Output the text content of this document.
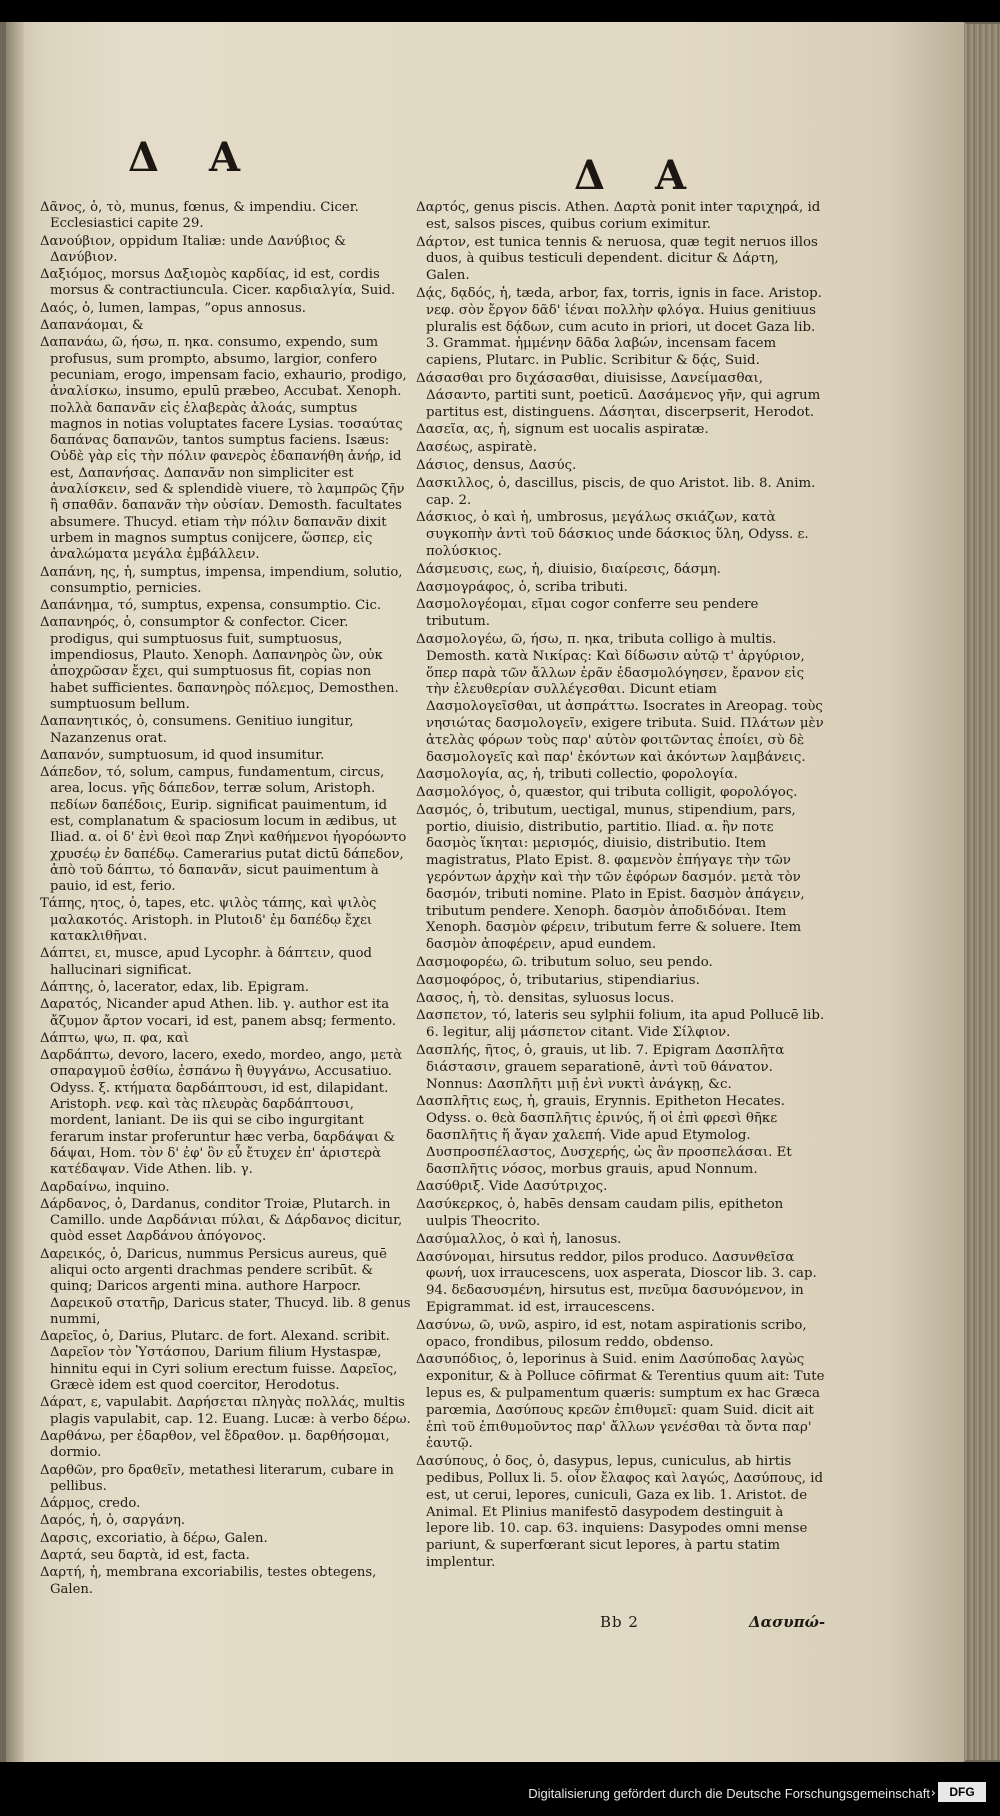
Δ Α	Δ Α
Δᾶνος, ὁ, τὸ, munus, fœnus, & impendiu. Cicer. Ecclesiastici capite 29.
Δανούβιον, oppidum Italiæ: unde Δανύβιος & Δανύβιον.
Δαξιόμος, morsus Δαξιομὸς καρδίας, id est, cordis morsus & contractiuncula. Cicer. καρδιαλγία, Suid.
Δαός, ὁ, lumen, lampas, ”opus annosus.
Δαπανάομαι, &
Δαπανάω, ῶ, ήσω, π. ηκα. consumo, expendo, sum profusus, sum prompto, absumo, largior, confero pecuniam, erogo, impensam facio, exhaurio, prodigo, ἀναλίσκω, insumo, epulū præbeo, Accubat. Xenoph. πολλὰ δαπανᾶν εἰς ἐλαβερὰς ἀλοάς, sumptus magnos in notias voluptates facere Lysias. τοσαύτας δαπάνας δαπανῶν, tantos sumptus faciens. Isæus: Οὐδὲ γὰρ εἰς τὴν πόλιν φανερὸς ἐδαπανήθη ἀνήρ, id est, Δαπανήσας. Δαπανᾶν non simpliciter est ἀναλίσκειν, sed & splendidè viuere, τὸ λαμπρῶς ζῆν ἢ σπαθᾶν. δαπανᾶν τὴν οὐσίαν. Demosth. facultates absumere. Thucyd. etiam τὴν πόλιν δαπανᾶν dixit urbem in magnos sumptus conijcere, ὥσπερ, εἰς ἀναλώματα μεγάλα ἐμβάλλειν.
Δαπάνη, ης, ἡ, sumptus, impensa, impendium, solutio, consumptio, pernicies.
Δαπάνημα, τό, sumptus, expensa, consumptio. Cic.
Δαπανηρός, ὁ, consumptor & confector. Cicer. prodigus, qui sumptuosus fuit, sumptuosus, impendiosus, Plauto. Xenoph. Δαπανηρὸς ὢν, οὐκ ἀποχρῶσαν ἔχει, qui sumptuosus fit, copias non habet sufficientes. δαπανηρὸς πόλεμος, Demosthen. sumptuosum bellum.
Δαπανητικός, ὁ, consumens. Genitiuo iungitur, Nazanzenus orat.
Δαπανόν, sumptuosum, id quod insumitur.
Δάπεδον, τό, solum, campus, fundamentum, circus, area, locus. γῆς δάπεδον, terræ solum, Aristoph. πεδίων δαπέδοις, Eurip. significat pauimentum, id est, complanatum & spaciosum locum in ædibus, ut Iliad. α. οἱ δ' ἐνὶ θεοὶ παρ Ζηνὶ καθήμενοι ἠγορόωντο χρυσέῳ ἐν δαπέδῳ. Camerarius putat dictū δάπεδον, ἀπὸ τοῦ δάπτω, τό δαπανᾶν, sicut pauimentum à pauio, id est, ferio.
Τάπης, ητος, ὁ, tapes, etc. ψιλὸς τάπης, καὶ ψιλὸς μαλακοτός. Aristoph. in Plutoιδ' ἐμ δαπέδῳ ἔχει κατακλιθῆναι.
Δάπτει, ει, musce, apud Lycophr. à δάπτειν, quod hallucinari significat.
Δάπτης, ὁ, lacerator, edax, lib. Epigram.
Δαρατός, Nicander apud Athen. lib. γ. author est ita ἄζυμον ἄρτον vocari, id est, panem absq; fermento.
Δάπτω, ψω, π. φα, καὶ
Δαρδάπτω, devoro, lacero, exedo, mordeo, ango, μετὰ σπαραγμοῦ ἐσθίω, ἐσπάνω ἢ θυγγάνω, Accusatiuo. Odyss. ξ. κτήματα δαρδάπτουσι, id est, dilapidant. Aristoph. νεφ. καὶ τὰς πλευρὰς δαρδάπτουσι, mordent, laniant. De iis qui se cibo ingurgitant ferarum instar proferuntur hæc verba, δαρδάψαι & δάψαι, Hom. τὸν δ' ἐφ' ὃν εὖ ἔτυχεν ἐπ' ἀριστερὰ κατέδαψαν. Vide Athen. lib. γ.
Δαρδαίνω, inquino.
Δάρδανος, ὁ, Dardanus, conditor Troiæ, Plutarch. in Camillo. unde Δαρδάνιαι πύλαι, & Δάρδανος dicitur, quòd esset Δαρδάνου ἀπόγονος.
Δαρεικός, ὁ, Daricus, nummus Persicus aureus, quē aliqui octo argenti drachmas pendere scribūt. & quinq; Daricos argenti mina. authore Harpocr. Δαρεικοῦ στατῆρ, Daricus stater, Thucyd. lib. 8 genus nummi,
Δαρεῖος, ὁ, Darius, Plutarc. de fort. Alexand. scribit. Δαρεῖον τὸν Ὑστάσπου, Darium filium Hystaspæ, hinnitu equi in Cyri solium erectum fuisse. Δαρεῖος, Græcè idem est quod coercitor, Herodotus.
Δάρατ, ε, vapulabit. Δαρήσεται πληγὰς πολλάς, multis plagis vapulabit, cap. 12. Euang. Lucæ: à verbo δέρω.
Δαρθάνω, per ἐδαρθον, vel ἔδραθον. μ. δαρθήσομαι, dormio.
Δαρθῶν, pro δραθεῖν, metathesi literarum, cubare in pellibus.
Δάρμος, credo.
Δαρός, ἡ, ὁ, σαργάνη.
Δαρσις, excoriatio, à δέρω, Galen.
Δαρτά, seu δαρτὰ, id est, facta.
Δαρτή, ἡ, membrana excoriabilis, testes obtegens, Galen.
Δαρτός, genus piscis. Athen. Δαρτὰ ponit inter ταριχηρά, id est, salsos pisces, quibus corium eximitur.
Δάρτον, est tunica tennis & neruosa, quæ tegit neruos illos duos, à quibus testiculi dependent. dicitur & Δάρτη, Galen.
Δᾴς, δᾳδός, ἡ, tæda, arbor, fax, torris, ignis in face. Aristop. νεφ. σὸν ἔργον δᾶδ' ἰέναι πολλὴν φλόγα. Huius genitiuus pluralis est δᾴδων, cum acuto in priori, ut docet Gaza lib. 3. Grammat. ἡμμένην δᾶδα λαβών, incensam facem capiens, Plutarc. in Public. Scribitur & δᾴς, Suid.
Δάσασθαι pro διχάσασθαι, diuisisse, Δανείμασθαι, Δάσαντο, partiti sunt, poeticū. Δασάμενος γῆν, qui agrum partitus est, distinguens. Δάσηται, discerpserit, Herodot.
Δασεῖα, ας, ἡ, signum est uocalis aspiratæ.
Δασέως, aspiratè.
Δάσιος, densus, Δασύς.
Δασκιλλος, ὁ, dascillus, piscis, de quo Aristot. lib. 8. Anim. cap. 2.
Δάσκιος, ὁ καὶ ἡ, umbrosus, μεγάλως σκιάζων, κατὰ συγκοπὴν ἀντὶ τοῦ δάσκιος unde δάσκιος ὕλη, Odyss. ε. πολύσκιος.
Δάσμευσις, εως, ἡ, diuisio, διαίρεσις, δάσμη.
Δασμογράφος, ὁ, scriba tributi.
Δασμολογέομαι, εῖμαι cogor conferre seu pendere tributum.
Δασμολογέω, ῶ, ήσω, π. ηκα, tributa colligo à multis. Demosth. κατὰ Νικίρας: Καὶ δίδωσιν αὐτῷ τ' ἀργύριον, ὅπερ παρὰ τῶν ἄλλων ἐρᾶν ἐδασμολόγησεν, ἔρανον εἰς τὴν ἐλευθερίαν συλλέγεσθαι. Dicunt etiam Δασμολογεῖσθαι, ut ἀσπράττω. Isocrates in Areopag. τοὺς νησιώτας δασμολογεῖν, exigere tributa. Suid. Πλάτων μὲν ἀτελὰς φόρων τοὺς παρ' αὐτὸν φοιτῶντας ἐποίει, σὺ δὲ δασμολογεῖς καὶ παρ' ἑκόντων καὶ ἀκόντων λαμβάνεις.
Δασμολογία, ας, ἡ, tributi collectio, φορολογία.
Δασμολόγος, ὁ, quæstor, qui tributa colligit, φορολόγος.
Δασμός, ὁ, tributum, uectigal, munus, stipendium, pars, portio, diuisio, distributio, partitio. Iliad. α. ἢν ποτε δασμὸς ἵκηται: μερισμός, diuisio, distributio. Item magistratus, Plato Epist. 8. φαμενὸν ἐπήγαγε τὴν τῶν γερόντων ἀρχὴν καὶ τὴν τῶν ἐφόρων δασμόν. μετὰ τὸν δασμόν, tributi nomine. Plato in Epist. δασμὸν ἀπάγειν, tributum pendere. Xenoph. δασμὸν ἀποδιδόναι. Item Xenoph. δασμὸν φέρειν, tributum ferre & soluere. Item δασμὸν ἀποφέρειν, apud eundem.
Δασμοφορέω, ῶ. tributum soluo, seu pendo.
Δασμοφόρος, ὁ, tributarius, stipendiarius.
Δασος, ἡ, τὸ. densitas, syluosus locus.
Δασπετον, τό, lateris seu sylphii folium, ita apud Pollucē lib. 6. legitur, alij μάσπετον citant. Vide Σίλφιον.
Δασπλής, ῆτος, ὁ, grauis, ut lib. 7. Epigram Δασπλῆτα διάστασιν, grauem separationē, ἀντὶ τοῦ θάνατον. Nonnus: Δασπλῆτι μιῇ ἐνὶ νυκτὶ ἀνάγκῃ, &c.
Δασπλῆτις εως, ἡ, grauis, Erynnis. Epitheton Hecates. Odyss. ο. θεὰ δασπλῆτις ἐρινύς, ἥ οἱ ἐπὶ φρεσὶ θῆκε δασπλῆτις ἥ ἄγαν χαλεπή. Vide apud Etymolog. Δυσπροσπέλαστος, Δυσχερής, ὡς ἂν προσπελάσαι. Et δασπλῆτις νόσος, morbus grauis, apud Nonnum.
Δασύθριξ. Vide Δασύτριχος.
Δασύκερκος, ὁ, habēs densam caudam pilis, epitheton uulpis Theocrito.
Δασύμαλλος, ὁ καὶ ἡ, lanosus.
Δασύνομαι, hirsutus reddor, pilos produco. Δασυνθεῖσα φωνή, uox irraucescens, uox asperata, Dioscor lib. 3. cap. 94. δεδασυσμένη, hirsutus est, πνεῦμα δασυνόμενον, in Epigrammat. id est, irraucescens.
Δασύνω, ῶ, υνῶ, aspiro, id est, notam aspirationis scribo, opaco, frondibus, pilosum reddo, obdenso.
Δασυπόδιος, ὁ, leporinus à Suid. enim Δασύποδας λαγὼς exponitur, & à Polluce cōfirmat & Terentius quum ait: Tute lepus es, & pulpamentum quæris: sumptum ex hac Græca parœmia, Δασύπους κρεῶν ἐπιθυμεῖ: quam Suid. dicit ait ἐπὶ τοῦ ἐπιθυμοῦντος παρ' ἄλλων γενέσθαι τὰ ὄντα παρ' ἑαυτῷ.
Δασύπους, ὁ δος, ὁ, dasypus, lepus, cuniculus, ab hirtis pedibus, Pollux li. 5. οἷον ἔλαφος καὶ λαγώς, Δασύπους, id est, ut cerui, lepores, cuniculi, Gaza ex lib. 1. Aristot. de Animal. Et Plinius manifestō dasypodem destinguit à lepore lib. 10. cap. 63. inquiens: Dasypodes omni mense pariunt, & superfœrant sicut lepores, à partu statim implentur.
Bb 2	Δασυπώ-
Digitalisierung gefördert durch die Deutsche Forschungsgemeinschaft ›	DFG
